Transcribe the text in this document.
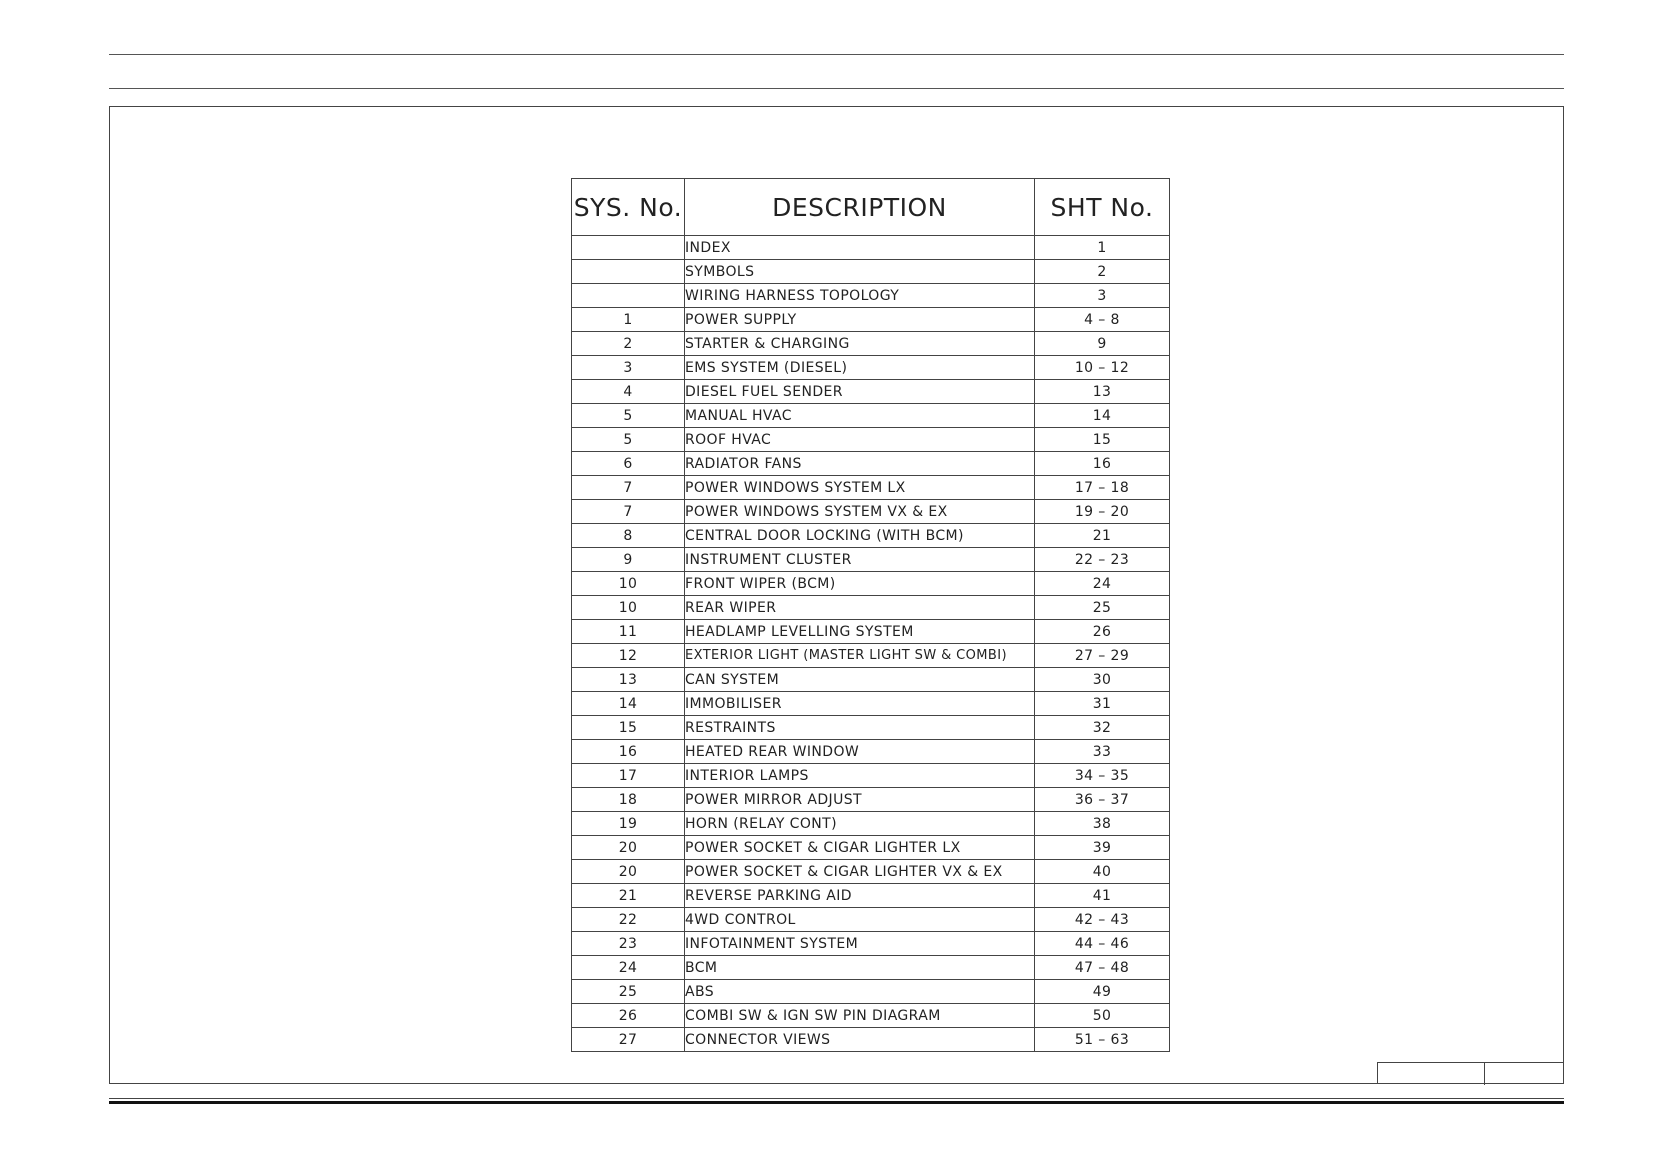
SYS. No.	DESCRIPTION	SHT No.
	INDEX	1
	SYMBOLS	2
	WIRING HARNESS TOPOLOGY	3
1	POWER SUPPLY	4 – 8
2	STARTER & CHARGING	9
3	EMS SYSTEM (DIESEL)	10 – 12
4	DIESEL FUEL SENDER	13
5	MANUAL HVAC	14
5	ROOF HVAC	15
6	RADIATOR FANS	16
7	POWER WINDOWS SYSTEM LX	17 – 18
7	POWER WINDOWS SYSTEM VX & EX	19 – 20
8	CENTRAL DOOR LOCKING (WITH BCM)	21
9	INSTRUMENT CLUSTER	22 – 23
10	FRONT WIPER (BCM)	24
10	REAR WIPER	25
11	HEADLAMP LEVELLING SYSTEM	26
12	EXTERIOR LIGHT (MASTER LIGHT SW & COMBI)	27 – 29
13	CAN SYSTEM	30
14	IMMOBILISER	31
15	RESTRAINTS	32
16	HEATED REAR WINDOW	33
17	INTERIOR LAMPS	34 – 35
18	POWER MIRROR ADJUST	36 – 37
19	HORN (RELAY CONT)	38
20	POWER SOCKET & CIGAR LIGHTER LX	39
20	POWER SOCKET & CIGAR LIGHTER VX & EX	40
21	REVERSE PARKING AID	41
22	4WD CONTROL	42 – 43
23	INFOTAINMENT SYSTEM	44 – 46
24	BCM	47 – 48
25	ABS	49
26	COMBI SW & IGN SW PIN DIAGRAM	50
27	CONNECTOR VIEWS	51 – 63
